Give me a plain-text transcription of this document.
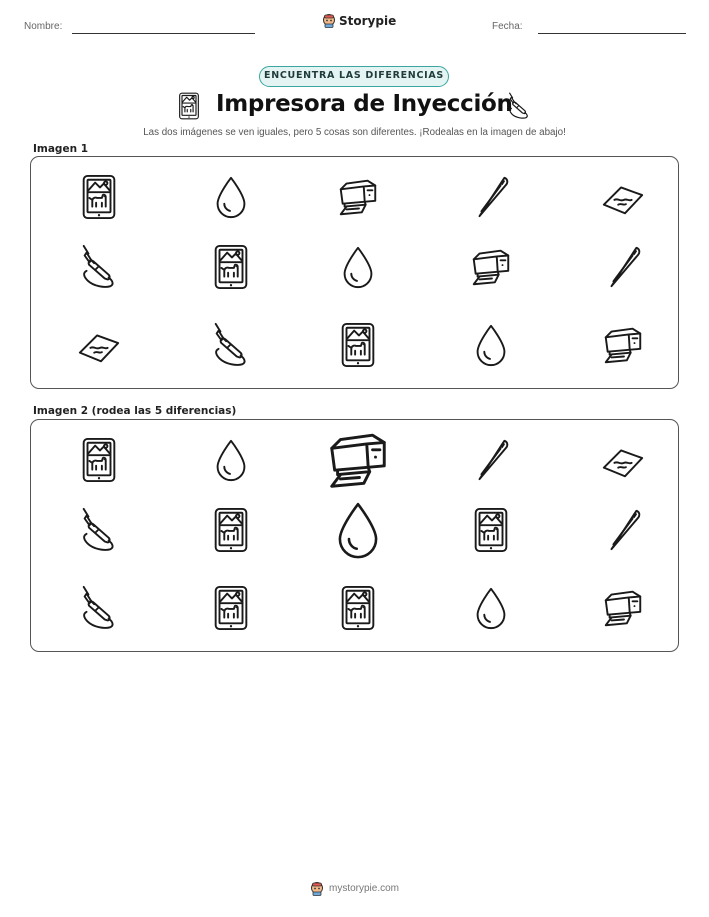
Nombre:	Storypie	Fecha:
ENCUENTRA LAS DIFERENCIAS
Impresora de Inyección
Las dos imágenes se ven iguales, pero 5 cosas son diferentes. ¡Rodealas en la imagen de abajo!
Imagen 1
Imagen 2 (rodea las 5 diferencias)
mystorypie.com
